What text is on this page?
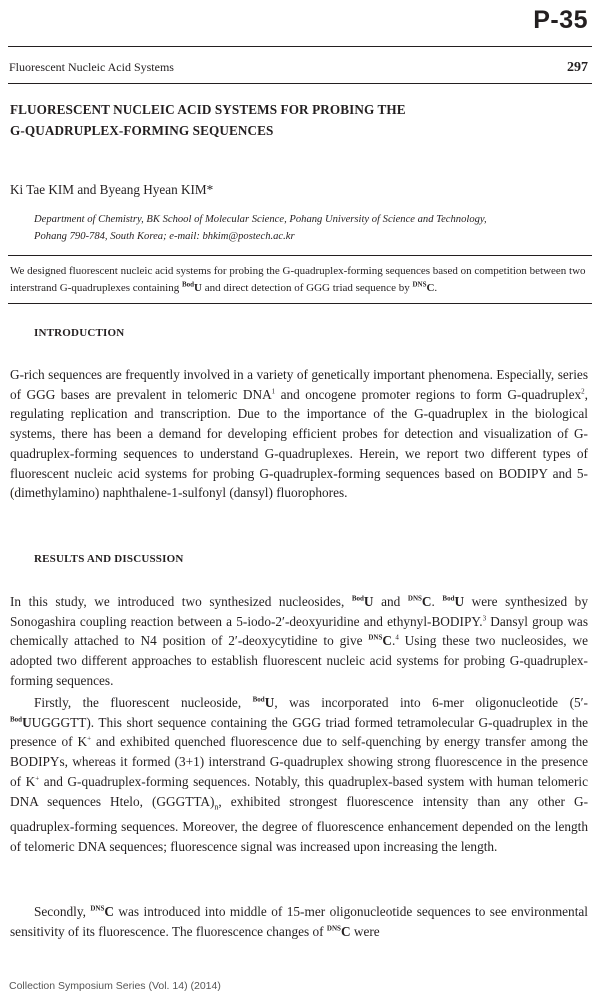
P-35
Fluorescent Nucleic Acid Systems	297
FLUORESCENT NUCLEIC ACID SYSTEMS FOR PROBING THE
G-QUADRUPLEX-FORMING SEQUENCES
Ki Tae KIM and Byeang Hyean KIM*

Department of Chemistry, BK School of Molecular Science, Pohang University of Science and Technology,
Pohang 790-784, South Korea; e-mail: bhkim@postech.ac.kr

We designed fluorescent nucleic acid systems for probing the G-quadruplex-forming sequences based on competition between two interstrand G-quadruplexes containing $^{Bod}$U and direct detection of GGG triad sequence by $^{DNS}$C.

INTRODUCTION

G-rich sequences are frequently involved in a variety of genetically important phenomena. Especially, series of GGG bases are prevalent in telomeric DNA$^1$ and oncogene promoter regions to form G-quadruplex$^2$, regulating replication and transcription. Due to the importance of the G-quadruplex in the biological systems, there has been a demand for developing efficient probes for detection and visualization of G-quadruplex-forming sequences to understand G-quadruplexes. Herein, we report two different types of fluorescent nucleic acid systems for probing G-quadruplex-forming sequences based on BODIPY and 5-(dimethylamino) naphthalene-1-sulfonyl (dansyl) fluorophores.

RESULTS AND DISCUSSION

In this study, we introduced two synthesized nucleosides, $^{Bod}$U and $^{DNS}$C. $^{Bod}$U were synthesized by Sonogashira coupling reaction between a 5-iodo-2′-deoxyuridine and ethynyl-BODIPY.$^3$ Dansyl group was chemically attached to N4 position of 2′-deoxycytidine to give $^{DNS}$C.$^4$ Using these two nucleosides, we adopted two different approaches to establish fluorescent nucleic acid systems for probing G-quadruplex-forming sequences.

Firstly, the fluorescent nucleoside, $^{Bod}$U, was incorporated into 6-mer oligonucleotide (5′-$^{Bod}$UUGGGTT). This short sequence containing the GGG triad formed tetramolecular G-quadruplex in the presence of K+ and exhibited quenched fluorescence due to self-quenching by energy transfer among the BODIPYs, whereas it formed (3+1) interstrand G-quadruplex showing strong fluorescence in the presence of K+ and G-quadruplex-forming sequences. Notably, this quadruplex-based system with human telomeric DNA sequences Htelo, $(GGGTTA)_n$, exhibited strongest fluorescence intensity than any other G-quadruplex-forming sequences. Moreover, the degree of fluorescence enhancement depended on the length of telomeric DNA sequences; fluorescence signal was increased upon increasing the length.

Secondly, $^{DNS}$C was introduced into middle of 15-mer oligonucleotide sequences to see environmental sensitivity of its fluorescence. The fluorescence changes of $^{DNS}$C were

Collection Symposium Series (Vol. 14) (2014)
